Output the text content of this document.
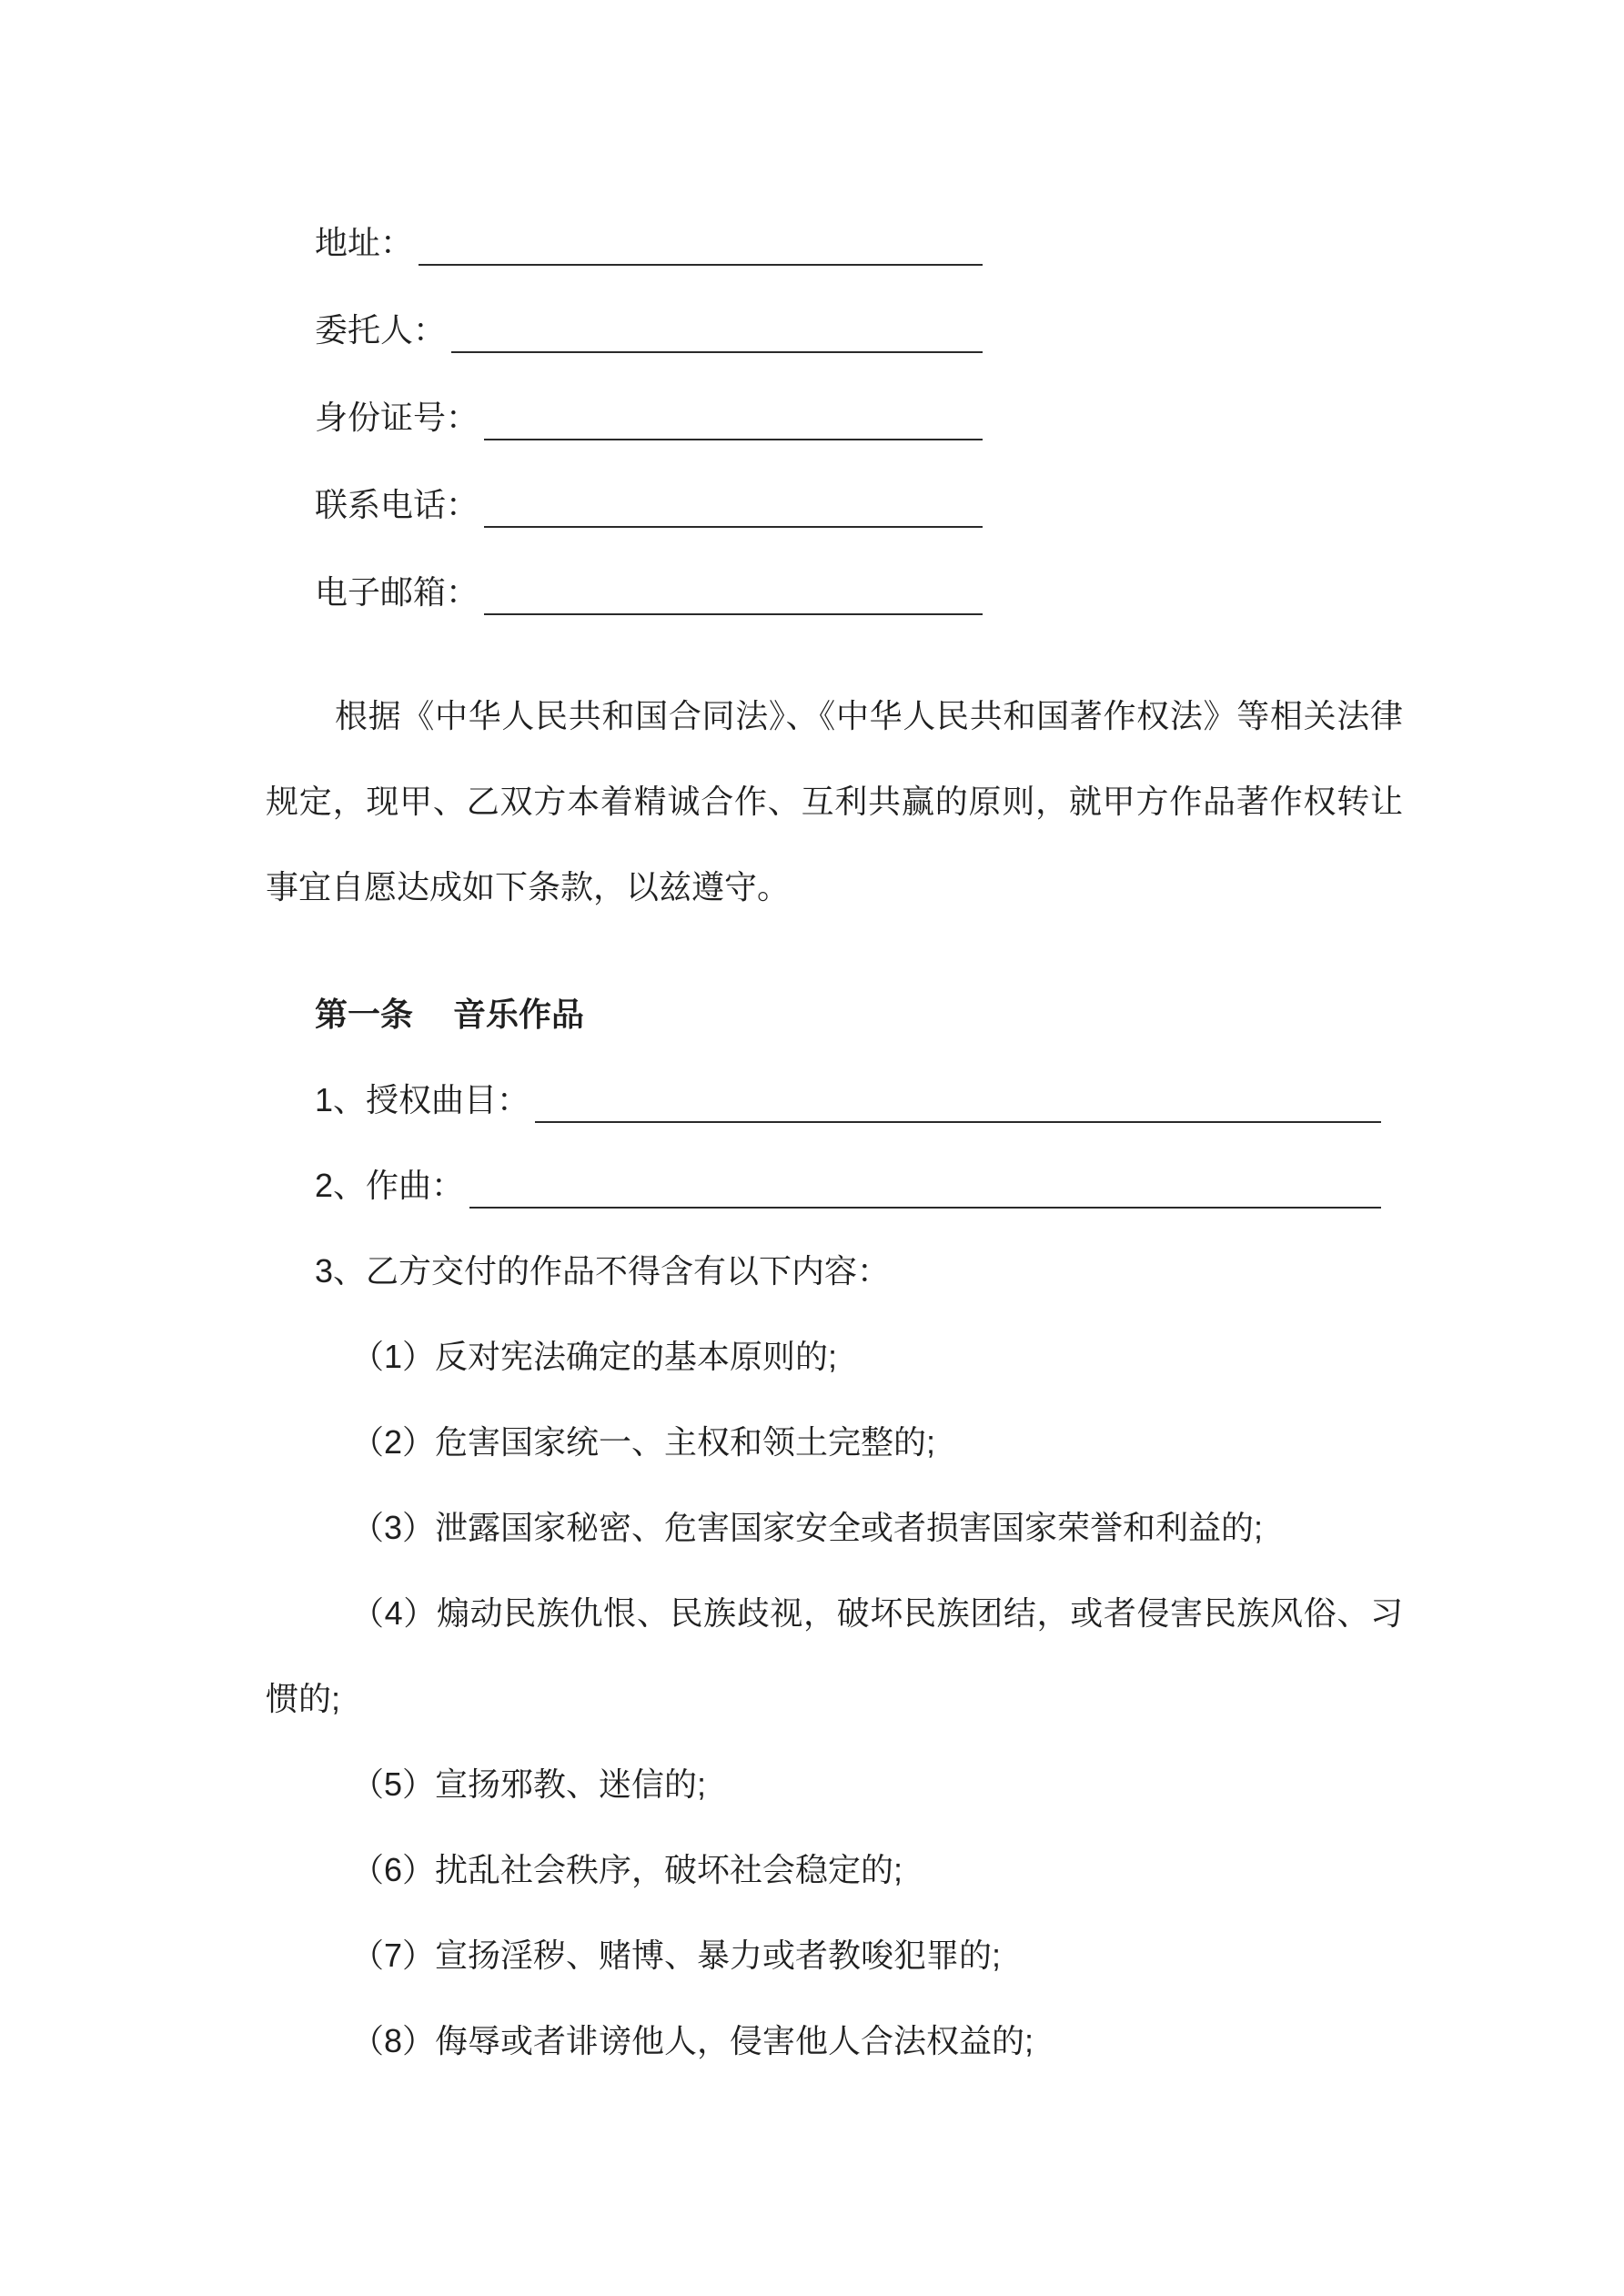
地址：
委托人：
身份证号：
联系电话：
电子邮箱：

根据《中华人民共和国合同法》、《中华人民共和国著作权法》等相关法律规定，现甲、乙双方本着精诚合作、互利共赢的原则，就甲方作品著作权转让事宜自愿达成如下条款，以兹遵守。

第一条 音乐作品

1、授权曲目：
2、作曲：

3、乙方交付的作品不得含有以下内容：

（1）反对宪法确定的基本原则的;

（2）危害国家统一、主权和领土完整的;

（3）泄露国家秘密、危害国家安全或者损害国家荣誉和利益的;

（4）煽动民族仇恨、民族歧视，破坏民族团结，或者侵害民族风俗、习惯的;

（5）宣扬邪教、迷信的;

（6）扰乱社会秩序，破坏社会稳定的;

（7）宣扬淫秽、赌博、暴力或者教唆犯罪的;

（8）侮辱或者诽谤他人，侵害他人合法权益的;
